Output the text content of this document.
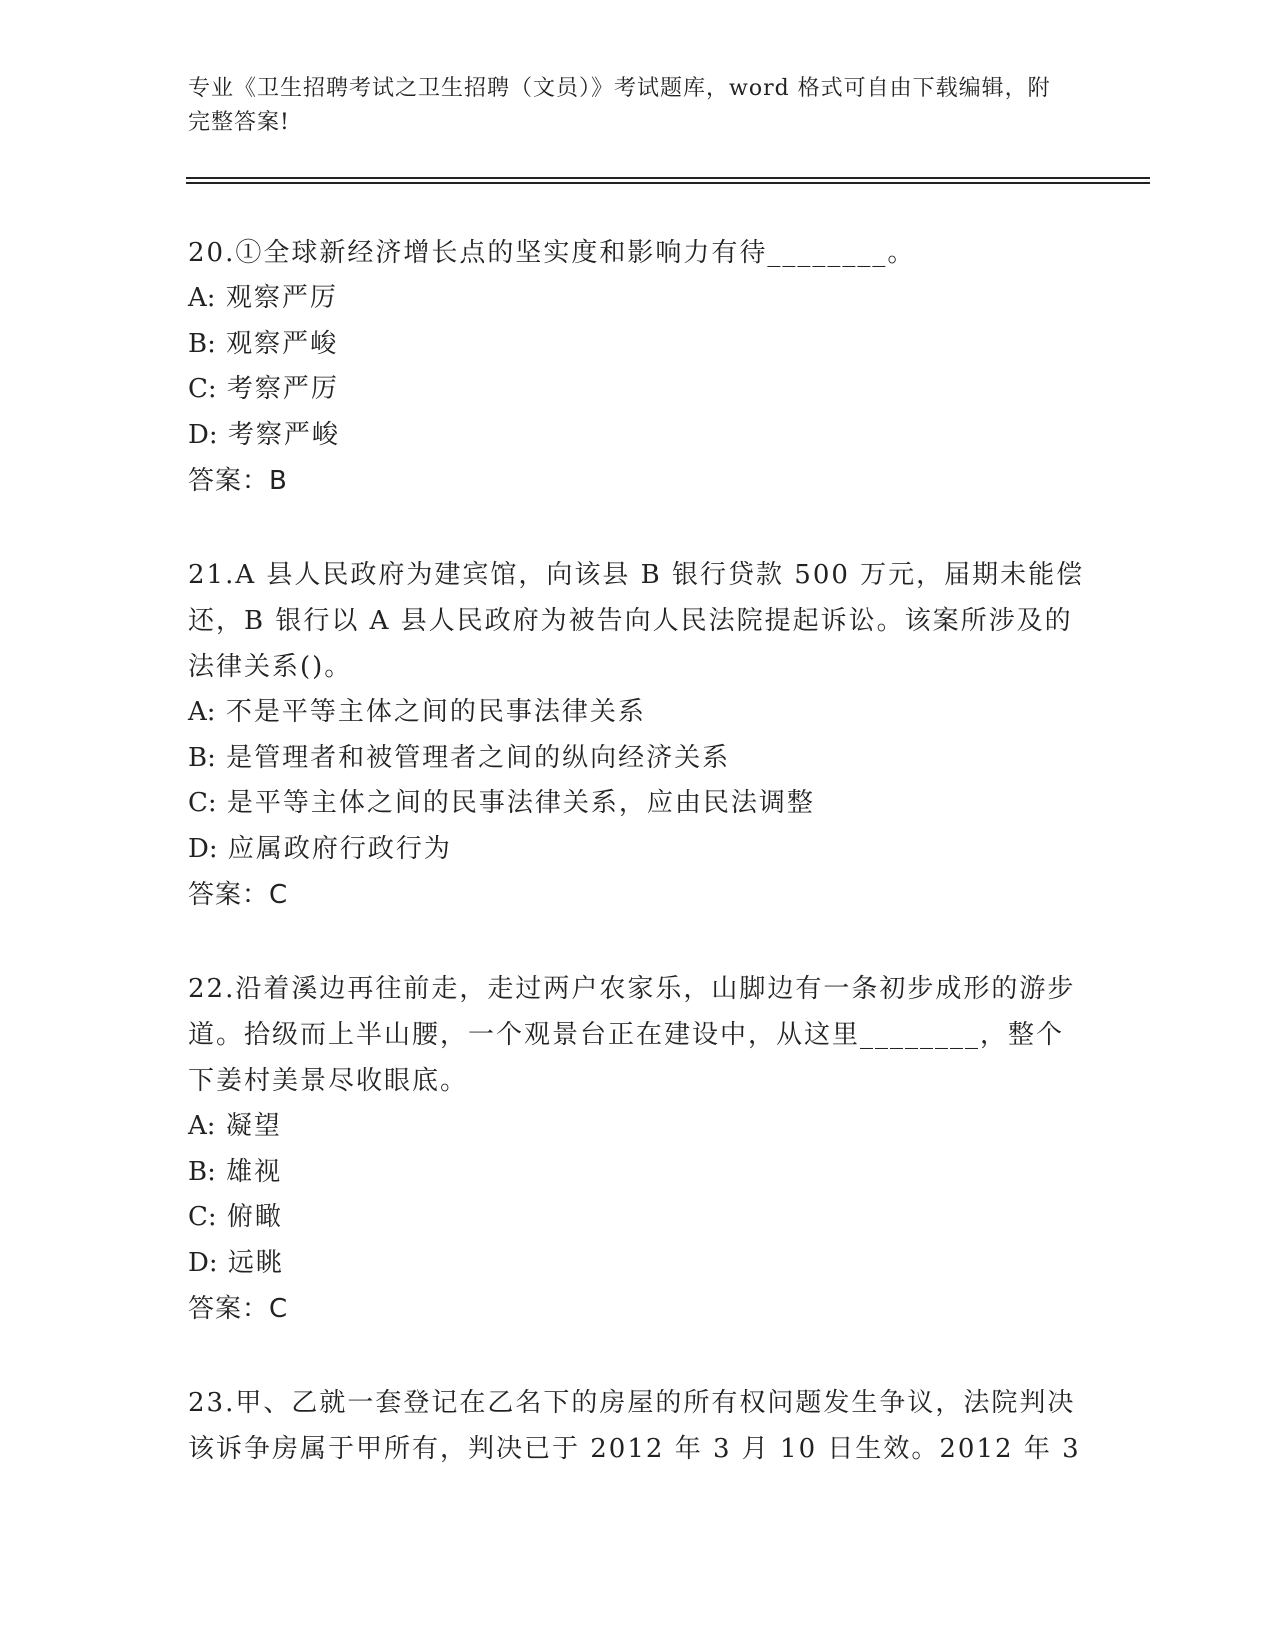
专业《卫生招聘考试之卫生招聘（文员）》考试题库，word 格式可自由下载编辑，附完整答案!
20.①全球新经济增长点的坚实度和影响力有待________。
A: 观察严厉
B: 观察严峻
C: 考察严厉
D: 考察严峻
答案：B
21.A 县人民政府为建宾馆，向该县 B 银行贷款 500 万元，届期未能偿还，B 银行以 A 县人民政府为被告向人民法院提起诉讼。该案所涉及的法律关系()。
A: 不是平等主体之间的民事法律关系
B: 是管理者和被管理者之间的纵向经济关系
C: 是平等主体之间的民事法律关系，应由民法调整
D: 应属政府行政行为
答案：C
22.沿着溪边再往前走，走过两户农家乐，山脚边有一条初步成形的游步道。拾级而上半山腰，一个观景台正在建设中，从这里________，整个下姜村美景尽收眼底。
A: 凝望
B: 雄视
C: 俯瞰
D: 远眺
答案：C
23.甲、乙就一套登记在乙名下的房屋的所有权问题发生争议，法院判决该诉争房属于甲所有，判决已于 2012 年 3 月 10 日生效。2012 年 3
